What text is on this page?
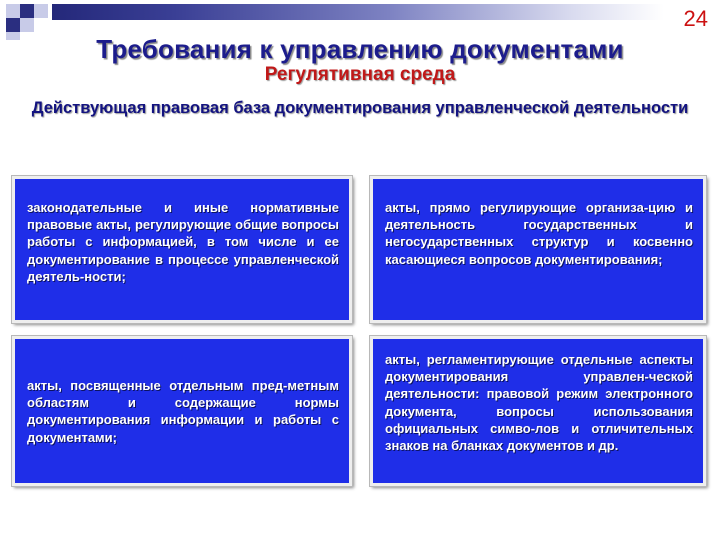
24
Требования к управлению документами
Регулятивная среда
Действующая правовая база документирования управленческой деятельности
законодательные и иные нормативные правовые акты, регулирующие общие вопросы работы с информацией, в том числе и ее документирование в процессе управленческой деятель-ности;
акты, прямо регулирующие организа-цию и деятельность государственных и негосударственных структур и косвенно касающиеся вопросов документирования;
акты, посвященные отдельным пред-метным областям и содержащие нормы документирования информации и работы с документами;
акты, регламентирующие отдельные аспекты документирования управлен-ческой деятельности: правовой режим электронного документа, вопросы использования официальных симво-лов и отличительных знаков на бланках документов и др.
